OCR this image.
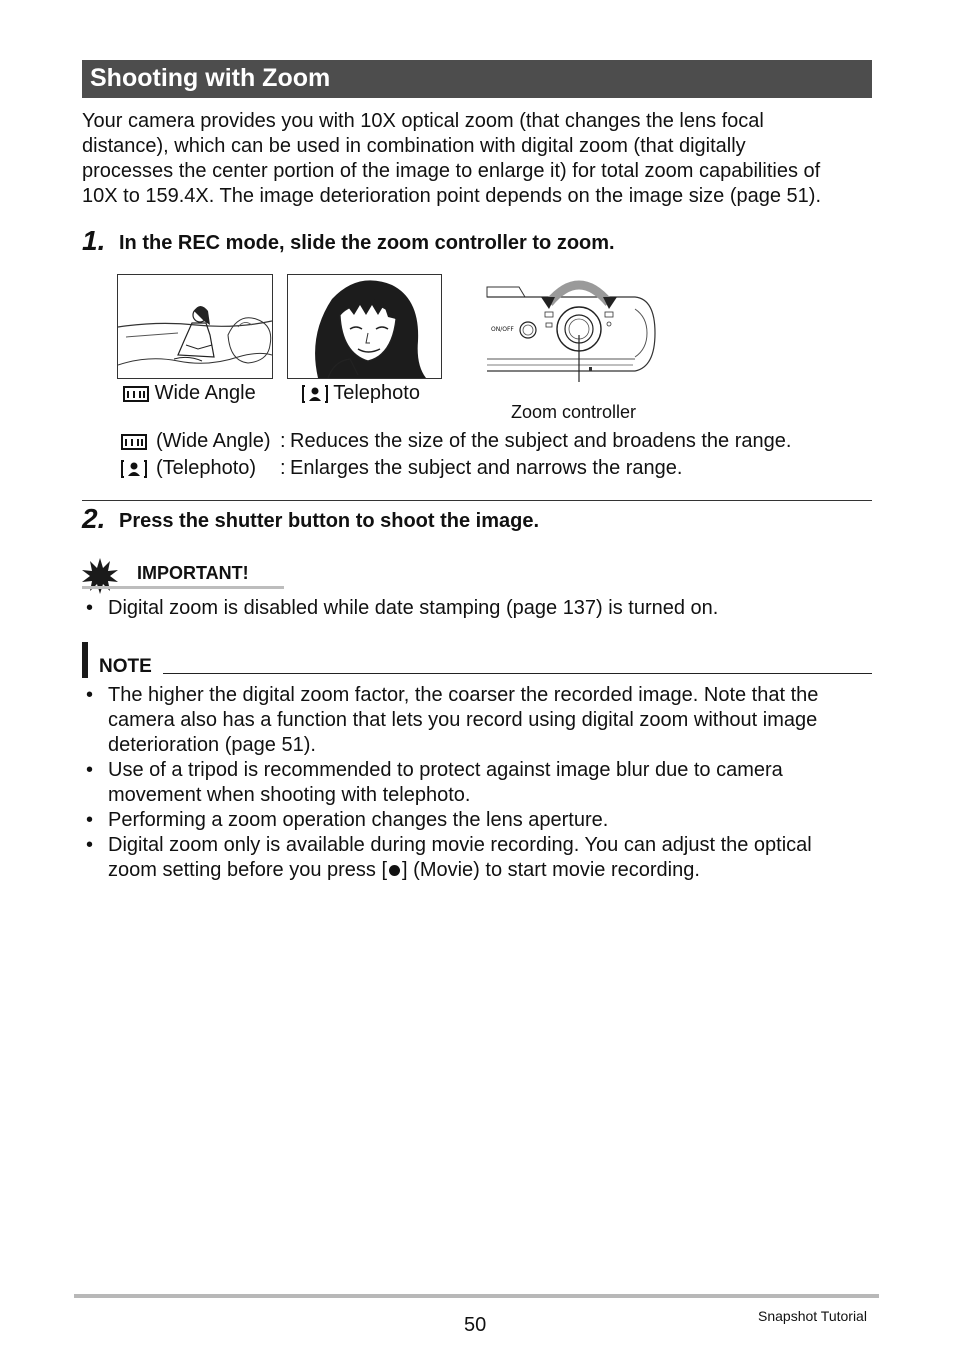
Shooting with Zoom
Your camera provides you with 10X optical zoom (that changes the lens focal
distance), which can be used in combination with digital zoom (that digitally
processes the center portion of the image to enlarge it) for total zoom capabilities of
10X to 159.4X. The image deterioration point depends on the image size (page 51).
1. In the REC mode, slide the zoom controller to zoom.
ON/OFF
Wide Angle	Telephoto
Zoom controller
(Wide Angle) : Reduces the size of the subject and broadens the range.
(Telephoto) : Enlarges the subject and narrows the range.
2. Press the shutter button to shoot the image.
IMPORTANT!
• Digital zoom is disabled while date stamping (page 137) is turned on.
NOTE
• The higher the digital zoom factor, the coarser the recorded image. Note that the
camera also has a function that lets you record using digital zoom without image
deterioration (page 51).
• Use of a tripod is recommended to protect against image blur due to camera
movement when shooting with telephoto.
• Performing a zoom operation changes the lens aperture.
• Digital zoom only is available during movie recording. You can adjust the optical
zoom setting before you press [ ] (Movie) to start movie recording.
50	Snapshot Tutorial
